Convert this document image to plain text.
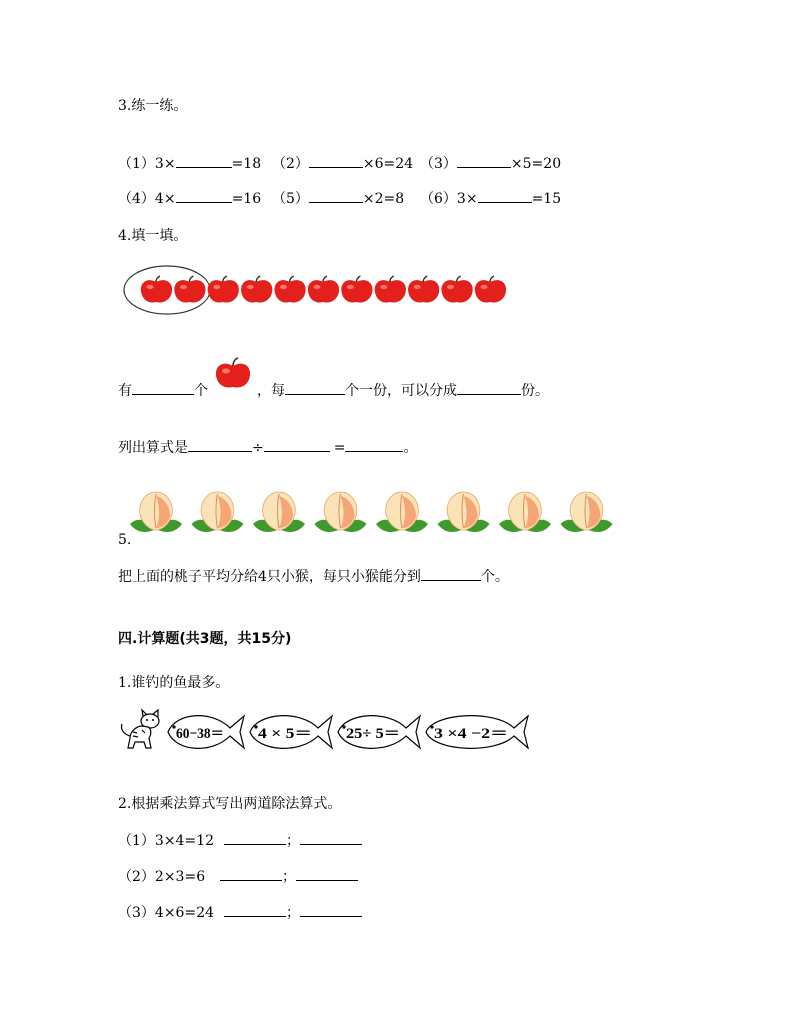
3.练一练。
（1）3×	=18 （2）	×6=24 （3）	×5=20
（4）4×	=16 （5）	×2=8 （6）3×	=15
4.填一填。
有	个	，每	个一份，可以分成	份。
列出算式是	÷	=	。
5.
把上面的桃子平均分给4只小猴，每只小猴能分到	个。
四.计算题(共3题，共15分)
1.谁钓的鱼最多。
60−38＝ 4 × 5＝ 25÷ 5＝ 3 ×4 −2＝
2.根据乘法算式写出两道除法算式。
（1）3×4=12	；
（2）2×3=6	；
（3）4×6=24	；
